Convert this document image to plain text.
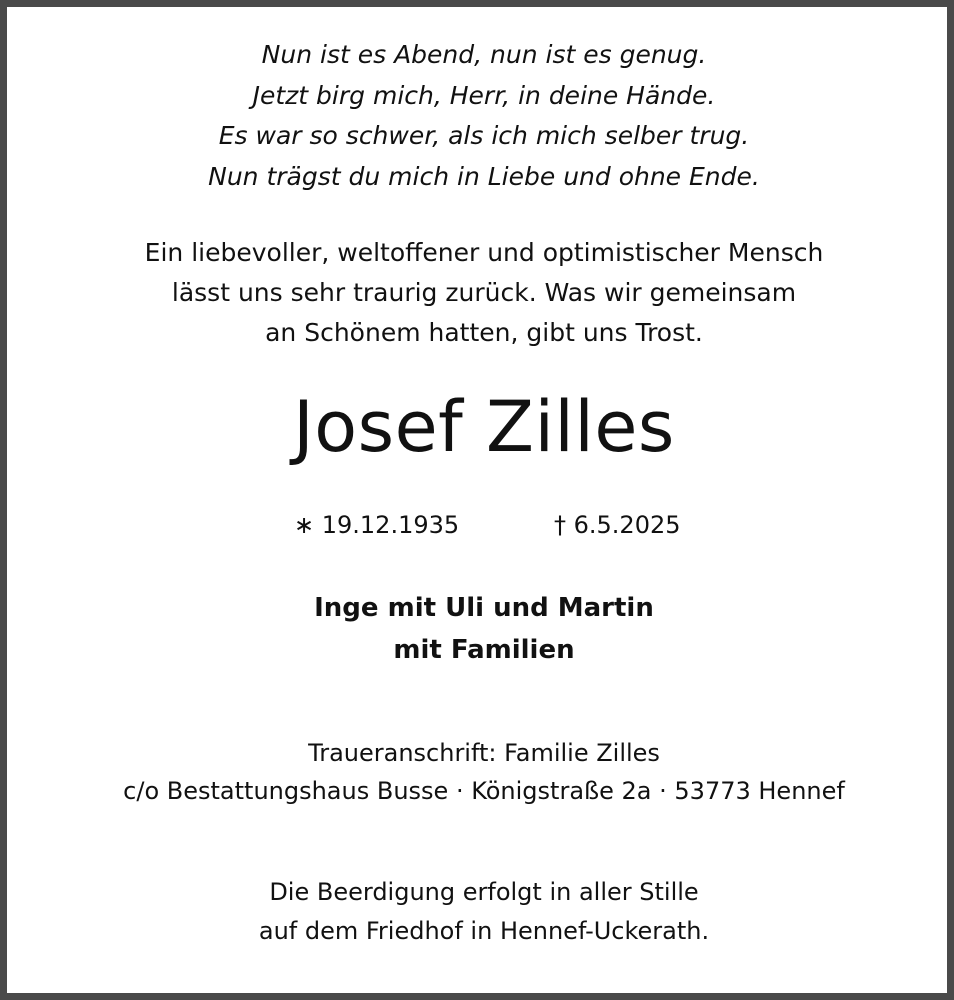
Nun ist es Abend, nun ist es genug.
Jetzt birg mich, Herr, in deine Hände.
Es war so schwer, als ich mich selber trug.
Nun trägst du mich in Liebe und ohne Ende.
Ein liebevoller, weltoffener und optimistischer Mensch
lässt uns sehr traurig zurück. Was wir gemeinsam
an Schönem hatten, gibt uns Trost.
Josef Zilles
∗ 19.12.1935	† 6.5.2025
Inge mit Uli und Martin
mit Familien
Traueranschrift: Familie Zilles
c/o Bestattungshaus Busse · Königstraße 2a · 53773 Hennef
Die Beerdigung erfolgt in aller Stille
auf dem Friedhof in Hennef-Uckerath.
